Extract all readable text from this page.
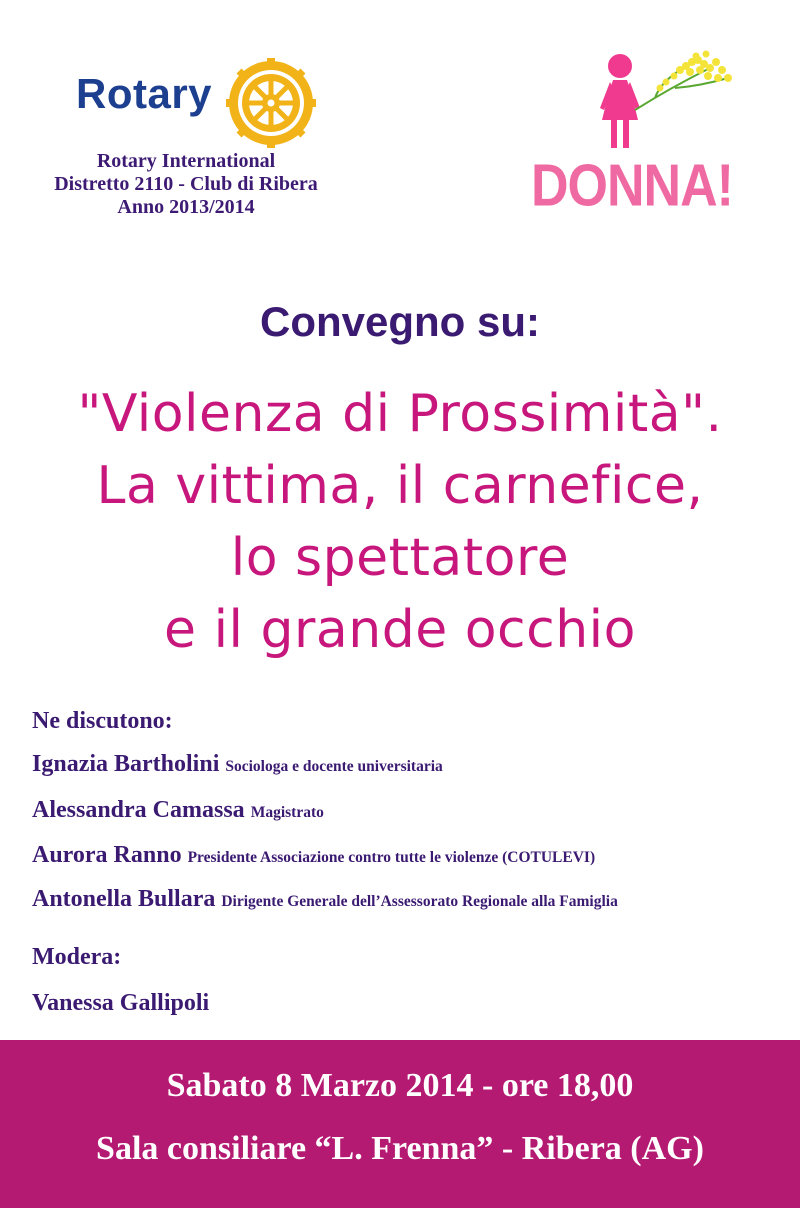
Rotary
Rotary International
Distretto 2110 - Club di Ribera
Anno 2013/2014	DONNA!
Convegno su:
"Violenza di Prossimità".
La vittima, il carnefice,
lo spettatore
e il grande occhio
Ne discutono:
Ignazia Bartholini Sociologa e docente universitaria
Alessandra Camassa Magistrato
Aurora Ranno Presidente Associazione contro tutte le violenze (COTULEVI)
Antonella Bullara Dirigente Generale dell’Assessorato Regionale alla Famiglia
Modera:
Vanessa Gallipoli
Sabato 8 Marzo 2014 - ore 18,00
Sala consiliare “L. Frenna” - Ribera (AG)
